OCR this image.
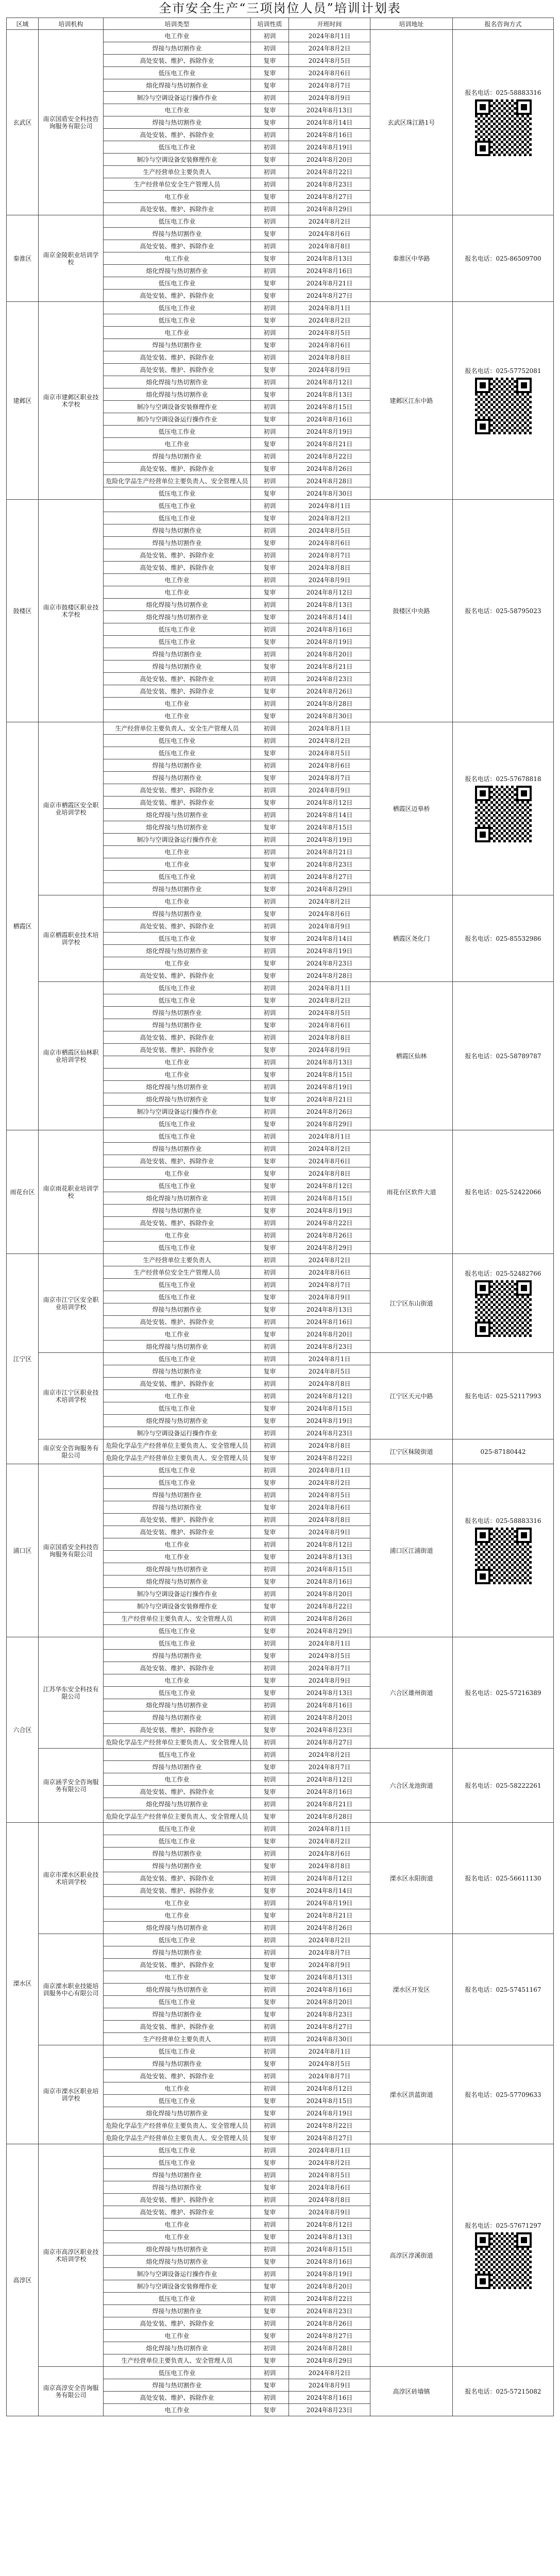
全市安全生产“三项岗位人员”培训计划表
区域	培训机构	培训类型	培训性质	开班时间	培训地址	报名咨询方式
玄武区	南京国盾安全科技咨询服务有限公司	电工作业	初训	2024年8月1日	玄武区珠江路1号	报名电话：025-58883316

		焊接与热切割作业	初训	2024年8月2日		
		高处安装、维护、拆除作业	复审	2024年8月5日		
		低压电工作业	复审	2024年8月6日		
		熔化焊接与热切割作业	复审	2024年8月7日		
		制冷与空调设备运行操作作业	初训	2024年8月9日		
		电工作业	复审	2024年8月13日		
		焊接与热切割作业	复审	2024年8月14日		
		高处安装、维护、拆除作业	初训	2024年8月16日		
		低压电工作业	初训	2024年8月19日		
		制冷与空调设备安装修理作业	复审	2024年8月20日		
		生产经营单位主要负责人	初训	2024年8月22日		
		生产经营单位安全生产管理人员	初训	2024年8月23日		
		电工作业	复审	2024年8月27日		
		高处安装、维护、拆除作业	初训	2024年8月29日		
秦淮区	南京金陵职业培训学校	低压电工作业	初训	2024年8月2日	秦淮区中华路	报名电话：025-86509700

		焊接与热切割作业	复审	2024年8月6日		
		高处安装、维护、拆除作业	初训	2024年8月8日		
		电工作业	复审	2024年8月13日		
		熔化焊接与热切割作业	初训	2024年8月16日		
		低压电工作业	复审	2024年8月21日		
		高处安装、维护、拆除作业	复审	2024年8月27日		
建邺区	南京市建邺区职业技术学校	低压电工作业	初训	2024年8月1日	建邺区江东中路	报名电话：025-57752081

		低压电工作业	复审	2024年8月2日		
		电工作业	初训	2024年8月5日		
		焊接与热切割作业	复审	2024年8月6日		
		高处安装、维护、拆除作业	初训	2024年8月8日		
		高处安装、维护、拆除作业	复审	2024年8月9日		
		熔化焊接与热切割作业	初训	2024年8月12日		
		熔化焊接与热切割作业	复审	2024年8月13日		
		制冷与空调设备安装修理作业	初训	2024年8月15日		
		制冷与空调设备运行操作作业	复审	2024年8月16日		
		低压电工作业	初训	2024年8月19日		
		电工作业	复审	2024年8月21日		
		焊接与热切割作业	初训	2024年8月22日		
		高处安装、维护、拆除作业	复审	2024年8月26日		
		危险化学品生产经营单位主要负责人、安全管理人员	初训	2024年8月28日		
		低压电工作业	复审	2024年8月30日		
鼓楼区	南京市鼓楼区职业技术学校	低压电工作业	初训	2024年8月1日	鼓楼区中央路	报名电话：025-58795023

		低压电工作业	复审	2024年8月2日		
		焊接与热切割作业	初训	2024年8月5日		
		焊接与热切割作业	复审	2024年8月6日		
		高处安装、维护、拆除作业	初训	2024年8月7日		
		高处安装、维护、拆除作业	复审	2024年8月8日		
		电工作业	初训	2024年8月9日		
		电工作业	复审	2024年8月12日		
		熔化焊接与热切割作业	初训	2024年8月13日		
		熔化焊接与热切割作业	复审	2024年8月14日		
		低压电工作业	初训	2024年8月16日		
		低压电工作业	复审	2024年8月19日		
		焊接与热切割作业	初训	2024年8月20日		
		焊接与热切割作业	复审	2024年8月21日		
		高处安装、维护、拆除作业	初训	2024年8月23日		
		高处安装、维护、拆除作业	复审	2024年8月26日		
		电工作业	初训	2024年8月28日		
		电工作业	复审	2024年8月30日		
栖霞区	南京市栖霞区安全职业培训学校	生产经营单位主要负责人、安全生产管理人员	初训	2024年8月1日	栖霞区迈皋桥	报名电话：025-57678818

		低压电工作业	初训	2024年8月2日		
		低压电工作业	复审	2024年8月5日		
		焊接与热切割作业	初训	2024年8月6日		
		焊接与热切割作业	复审	2024年8月7日		
		高处安装、维护、拆除作业	初训	2024年8月9日		
		高处安装、维护、拆除作业	复审	2024年8月12日		
		熔化焊接与热切割作业	初训	2024年8月14日		
		熔化焊接与热切割作业	复审	2024年8月15日		
		制冷与空调设备运行操作作业	初训	2024年8月19日		
		电工作业	初训	2024年8月21日		
		电工作业	复审	2024年8月23日		
		低压电工作业	初训	2024年8月27日		
		焊接与热切割作业	复审	2024年8月29日		
	南京栖霞职业技术培训学校	电工作业	初训	2024年8月2日	栖霞区尧化门	报名电话：025-85532986

		焊接与热切割作业	复审	2024年8月6日		
		高处安装、维护、拆除作业	初训	2024年8月9日		
		低压电工作业	复审	2024年8月14日		
		熔化焊接与热切割作业	初训	2024年8月19日		
		电工作业	复审	2024年8月23日		
		高处安装、维护、拆除作业	复审	2024年8月28日		
	南京市栖霞区仙林职业培训学校	低压电工作业	初训	2024年8月1日	栖霞区仙林	报名电话：025-58789787

		低压电工作业	复审	2024年8月2日		
		焊接与热切割作业	初训	2024年8月5日		
		焊接与热切割作业	复审	2024年8月6日		
		高处安装、维护、拆除作业	初训	2024年8月8日		
		高处安装、维护、拆除作业	复审	2024年8月9日		
		电工作业	初训	2024年8月13日		
		电工作业	复审	2024年8月15日		
		熔化焊接与热切割作业	初训	2024年8月19日		
		熔化焊接与热切割作业	复审	2024年8月21日		
		制冷与空调设备运行操作作业	初训	2024年8月26日		
		低压电工作业	复审	2024年8月29日		
雨花台区	南京雨花职业培训学校	低压电工作业	初训	2024年8月1日	雨花台区软件大道	报名电话：025-52422066

		焊接与热切割作业	初训	2024年8月2日		
		高处安装、维护、拆除作业	复审	2024年8月6日		
		电工作业	复审	2024年8月8日		
		低压电工作业	复审	2024年8月12日		
		熔化焊接与热切割作业	初训	2024年8月15日		
		焊接与热切割作业	复审	2024年8月19日		
		高处安装、维护、拆除作业	初训	2024年8月22日		
		电工作业	初训	2024年8月26日		
		低压电工作业	复审	2024年8月29日		
江宁区	南京市江宁区安全职业培训学校	生产经营单位主要负责人	初训	2024年8月2日	江宁区东山街道	报名电话：025-52482766

		生产经营单位安全生产管理人员	初训	2024年8月6日		
		低压电工作业	初训	2024年8月7日		
		低压电工作业	复审	2024年8月9日		
		焊接与热切割作业	复审	2024年8月13日		
		高处安装、维护、拆除作业	初训	2024年8月16日		
		电工作业	复审	2024年8月20日		
		熔化焊接与热切割作业	初训	2024年8月23日		
	南京市江宁区职业技术培训学校	低压电工作业	初训	2024年8月1日	江宁区天元中路	报名电话：025-52117993

		焊接与热切割作业	复审	2024年8月5日		
		高处安装、维护、拆除作业	初训	2024年8月8日		
		电工作业	初训	2024年8月12日		
		低压电工作业	复审	2024年8月15日		
		熔化焊接与热切割作业	复审	2024年8月19日		
		制冷与空调设备运行操作作业	初训	2024年8月23日		
	南京安全咨询服务有限公司	危险化学品生产经营单位主要负责人、安全管理人员	初训	2024年8月8日	江宁区秣陵街道	025-87180442

		危险化学品生产经营单位主要负责人、安全管理人员	复审	2024年8月22日		
浦口区	南京国盾安全科技咨询服务有限公司	低压电工作业	初训	2024年8月1日	浦口区江浦街道	报名电话：025-58883316

		低压电工作业	复审	2024年8月2日		
		焊接与热切割作业	初训	2024年8月5日		
		焊接与热切割作业	复审	2024年8月6日		
		高处安装、维护、拆除作业	初训	2024年8月8日		
		高处安装、维护、拆除作业	复审	2024年8月9日		
		电工作业	初训	2024年8月12日		
		电工作业	复审	2024年8月13日		
		熔化焊接与热切割作业	初训	2024年8月15日		
		熔化焊接与热切割作业	复审	2024年8月16日		
		制冷与空调设备运行操作作业	初训	2024年8月20日		
		制冷与空调设备安装修理作业	复审	2024年8月22日		
		生产经营单位主要负责人、安全管理人员	初训	2024年8月26日		
		低压电工作业	复审	2024年8月29日		
六合区	江苏华东安全科技有限公司	低压电工作业	初训	2024年8月1日	六合区雄州街道	报名电话：025-57216389

		焊接与热切割作业	复审	2024年8月5日		
		高处安装、维护、拆除作业	初训	2024年8月7日		
		电工作业	复审	2024年8月9日		
		低压电工作业	复审	2024年8月13日		
		熔化焊接与热切割作业	初训	2024年8月16日		
		焊接与热切割作业	初训	2024年8月20日		
		高处安装、维护、拆除作业	复审	2024年8月23日		
		危险化学品生产经营单位主要负责人、安全管理人员	初训	2024年8月27日		
	南京涵孚安全咨询服务有限公司	低压电工作业	初训	2024年8月2日	六合区龙池街道	报名电话：025-58222261

		焊接与热切割作业	复审	2024年8月7日		
		电工作业	初训	2024年8月12日		
		高处安装、维护、拆除作业	复审	2024年8月16日		
		熔化焊接与热切割作业	初训	2024年8月21日		
		危险化学品生产经营单位主要负责人、安全管理人员	复审	2024年8月28日		
溧水区	南京市溧水区职业技术培训学校	低压电工作业	初训	2024年8月1日	溧水区永阳街道	报名电话：025-56611130

		低压电工作业	复审	2024年8月2日		
		焊接与热切割作业	初训	2024年8月6日		
		焊接与热切割作业	复审	2024年8月8日		
		高处安装、维护、拆除作业	初训	2024年8月12日		
		高处安装、维护、拆除作业	复审	2024年8月14日		
		电工作业	初训	2024年8月19日		
		电工作业	复审	2024年8月21日		
		熔化焊接与热切割作业	初训	2024年8月26日		
	南京溧水职业技能培训服务中心有限公司	低压电工作业	初训	2024年8月2日	溧水区开发区	报名电话：025-57451167

		焊接与热切割作业	初训	2024年8月7日		
		高处安装、维护、拆除作业	复审	2024年8月9日		
		电工作业	复审	2024年8月13日		
		熔化焊接与热切割作业	初训	2024年8月16日		
		低压电工作业	复审	2024年8月20日		
		焊接与热切割作业	复审	2024年8月23日		
		高处安装、维护、拆除作业	初训	2024年8月27日		
		生产经营单位主要负责人	初训	2024年8月30日		
	南京市溧水区职业培训学校	低压电工作业	初训	2024年8月1日	溧水区洪蓝街道	报名电话：025-57709633

		焊接与热切割作业	复审	2024年8月5日		
		高处安装、维护、拆除作业	初训	2024年8月7日		
		电工作业	初训	2024年8月12日		
		低压电工作业	复审	2024年8月15日		
		熔化焊接与热切割作业	复审	2024年8月19日		
		危险化学品生产经营单位主要负责人、安全管理人员	初训	2024年8月22日		
		危险化学品生产经营单位主要负责人、安全管理人员	复审	2024年8月27日		
高淳区	南京市高淳区职业技术培训学校	低压电工作业	初训	2024年8月1日	高淳区淳溪街道	报名电话：025-57671297

		低压电工作业	复审	2024年8月2日		
		焊接与热切割作业	初训	2024年8月5日		
		焊接与热切割作业	复审	2024年8月6日		
		高处安装、维护、拆除作业	初训	2024年8月8日		
		高处安装、维护、拆除作业	复审	2024年8月9日		
		电工作业	初训	2024年8月12日		
		电工作业	复审	2024年8月13日		
		熔化焊接与热切割作业	初训	2024年8月15日		
		熔化焊接与热切割作业	复审	2024年8月16日		
		制冷与空调设备运行操作作业	初训	2024年8月19日		
		制冷与空调设备安装修理作业	复审	2024年8月20日		
		低压电工作业	初训	2024年8月22日		
		焊接与热切割作业	复审	2024年8月23日		
		高处安装、维护、拆除作业	初训	2024年8月26日		
		电工作业	复审	2024年8月27日		
		熔化焊接与热切割作业	初训	2024年8月28日		
		生产经营单位主要负责人、安全管理人员	复审	2024年8月29日		
	南京高淳安全咨询服务有限公司	低压电工作业	初训	2024年8月2日	高淳区砖墙镇	报名电话：025-57215082

		焊接与热切割作业	复审	2024年8月9日		
		高处安装、维护、拆除作业	初训	2024年8月16日		
		电工作业	复审	2024年8月23日		
